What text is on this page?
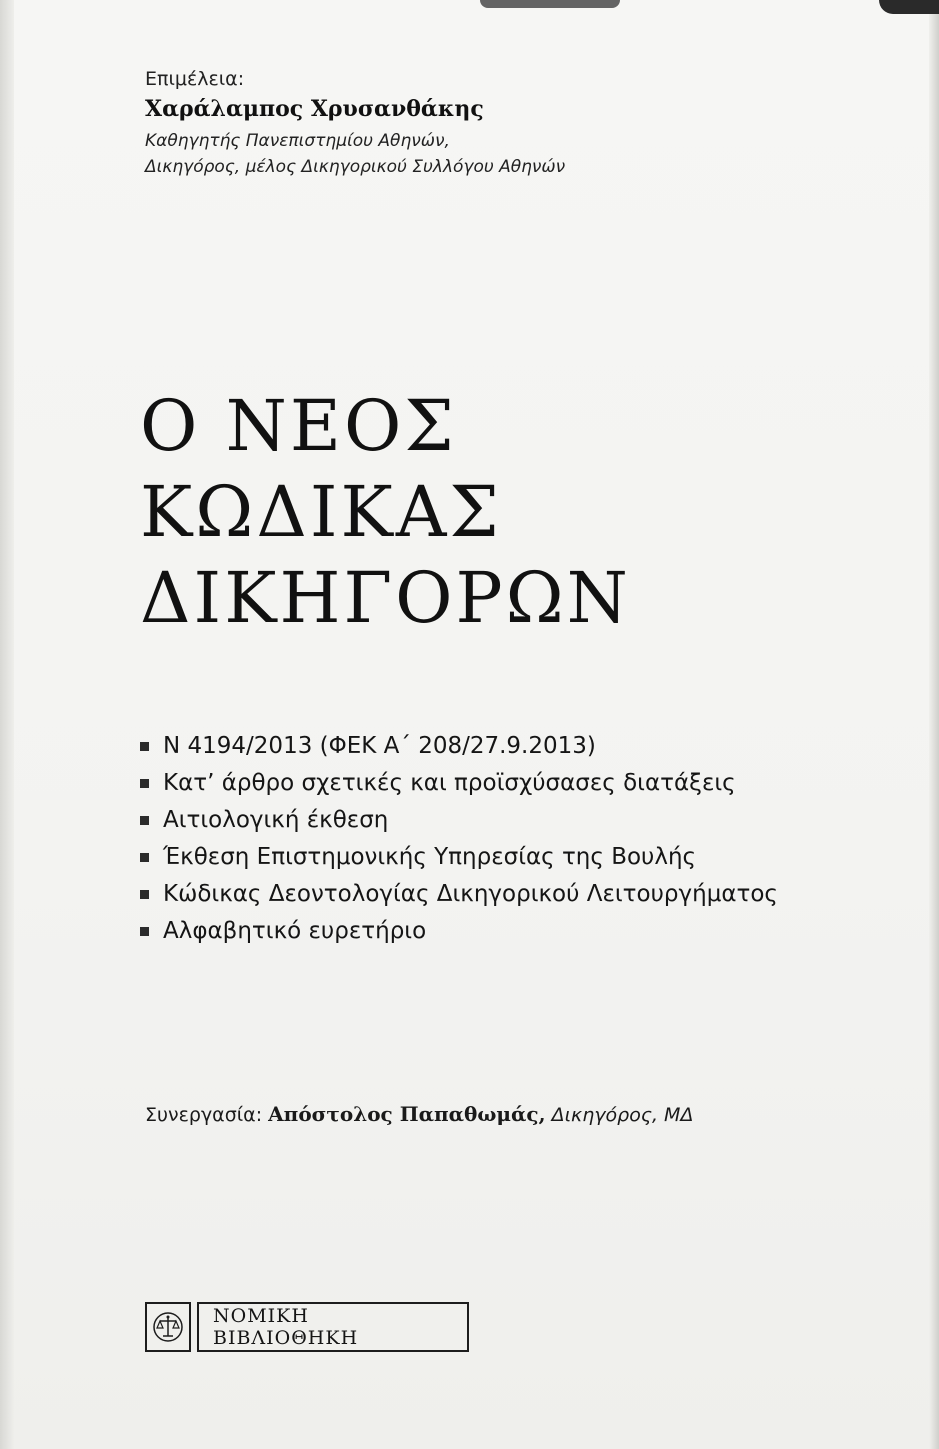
Επιμέλεια:
Χαράλαμπος Χρυσανθάκης
Καθηγητής Πανεπιστημίου Αθηνών,
Δικηγόρος, μέλος Δικηγορικού Συλλόγου Αθηνών
Ο ΝΕΟΣ
ΚΩΔΙΚΑΣ
ΔΙΚΗΓΟΡΩΝ
Ν 4194/2013 (ΦΕΚ Α΄ 208/27.9.2013)
Κατ’ άρθρο σχετικές και προϊσχύσασες διατάξεις
Αιτιολογική έκθεση
Έκθεση Επιστημονικής Υπηρεσίας της Βουλής
Κώδικας Δεοντολογίας Δικηγορικού Λειτουργήματος
Αλφαβητικό ευρετήριο
Συνεργασία: Απόστολος Παπαθωμάς, Δικηγόρος, ΜΔ
ΝΟΜΙΚΗ ΒΙΒΛΙΟΘΗΚΗ
